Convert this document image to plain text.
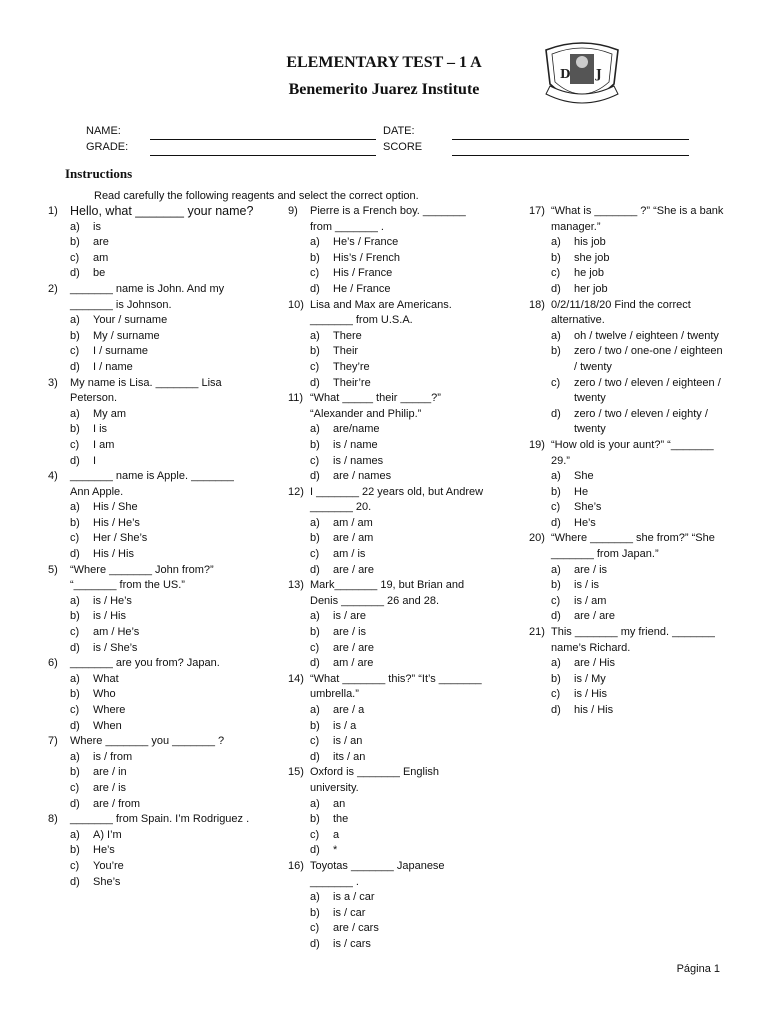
ELEMENTARY TEST – 1 A
Benemerito Juarez Institute
D J
NAME:	DATE:
GRADE:	SCORE
Instructions
Read carefully the following reagents and select the correct option.
1) Hello, what _______ your name?
a) is
b) are
c) am
d) be
2) _______ name is John. And my _______ is Johnson.
a) Your / surname
b) My / surname
c) I / surname
d) I / name
3) My name is Lisa. _______ Lisa Peterson.
a) My am
b) I is
c) I am
d) I
4) _______ name is Apple. _______ Ann Apple.
a) His / She
b) His / He’s
c) Her / She’s
d) His / His
5) “Where _______ John from?” “_______ from the US.”
a) is / He’s
b) is / His
c) am / He’s
d) is / She’s
6) _______ are you from? Japan.
a) What
b) Who
c) Where
d) When
7) Where _______ you _______ ?
a) is / from
b) are / in
c) are / is
d) are / from
8) _______ from Spain. I’m Rodriguez .
a) A) I’m
b) He’s
c) You’re
d) She’s
9) Pierre is a French boy. _______ from _______ .
a) He’s / France
b) His’s / French
c) His / France
d) He / France
10) Lisa and Max are Americans. _______ from U.S.A.
a) There
b) Their
c) They’re
d) Their’re
11) “What _____ their _____?” “Alexander and Philip.”
a) are/name
b) is / name
c) is / names
d) are / names
12) I _______ 22 years old, but Andrew _______ 20.
a) am / am
b) are / am
c) am / is
d) are / are
13) Mark_______ 19, but Brian and Denis _______ 26 and 28.
a) is / are
b) are / is
c) are / are
d) am / are
14) “What _______ this?” “It’s _______ umbrella.”
a) are / a
b) is / a
c) is / an
d) its / an
15) Oxford is _______ English university.
a) an
b) the
c) a
d) *
16) Toyotas _______ Japanese _______ .
a) is a / car
b) is / car
c) are / cars
d) is / cars
17) “What is _______ ?” “She is a bank manager.”
a) his job
b) she job
c) he job
d) her job
18) 0/2/11/18/20 Find the correct alternative.
a) oh / twelve / eighteen / twenty
b) zero / two / one-one / eighteen / twenty
c) zero / two / eleven / eighteen / twenty
d) zero / two / eleven / eighty / twenty
19) “How old is your aunt?” “_______ 29.”
a) She
b) He
c) She’s
d) He’s
20) “Where _______ she from?” “She _______ from Japan.”
a) are / is
b) is / is
c) is / am
d) are / are
21) This _______ my friend. _______ name’s Richard.
a) are / His
b) is / My
c) is / His
d) his / His
Página 1
